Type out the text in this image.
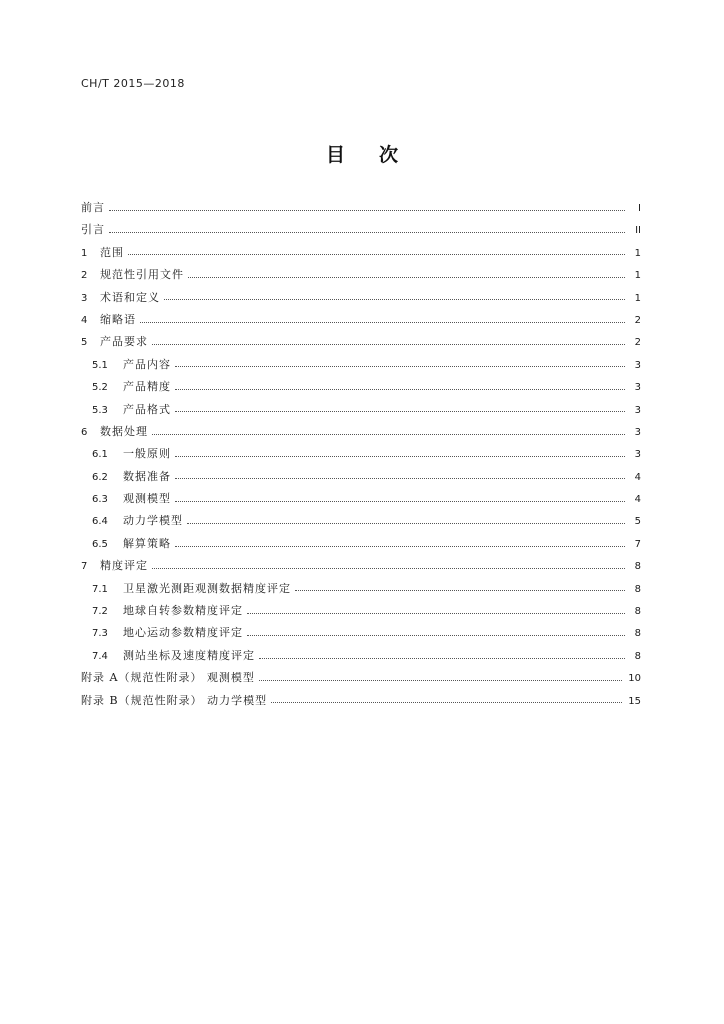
CH/T 2015—2018
目次
前言	I
引言	II
1	范围	1
2	规范性引用文件	1
3	术语和定义	1
4	缩略语	2
5	产品要求	2
5.1	产品内容	3
5.2	产品精度	3
5.3	产品格式	3
6	数据处理	3
6.1	一般原则	3
6.2	数据准备	4
6.3	观测模型	4
6.4	动力学模型	5
6.5	解算策略	7
7	精度评定	8
7.1	卫星激光测距观测数据精度评定	8
7.2	地球自转参数精度评定	8
7.3	地心运动参数精度评定	8
7.4	测站坐标及速度精度评定	8
附录 A（规范性附录） 观测模型	10
附录 B（规范性附录） 动力学模型	15
